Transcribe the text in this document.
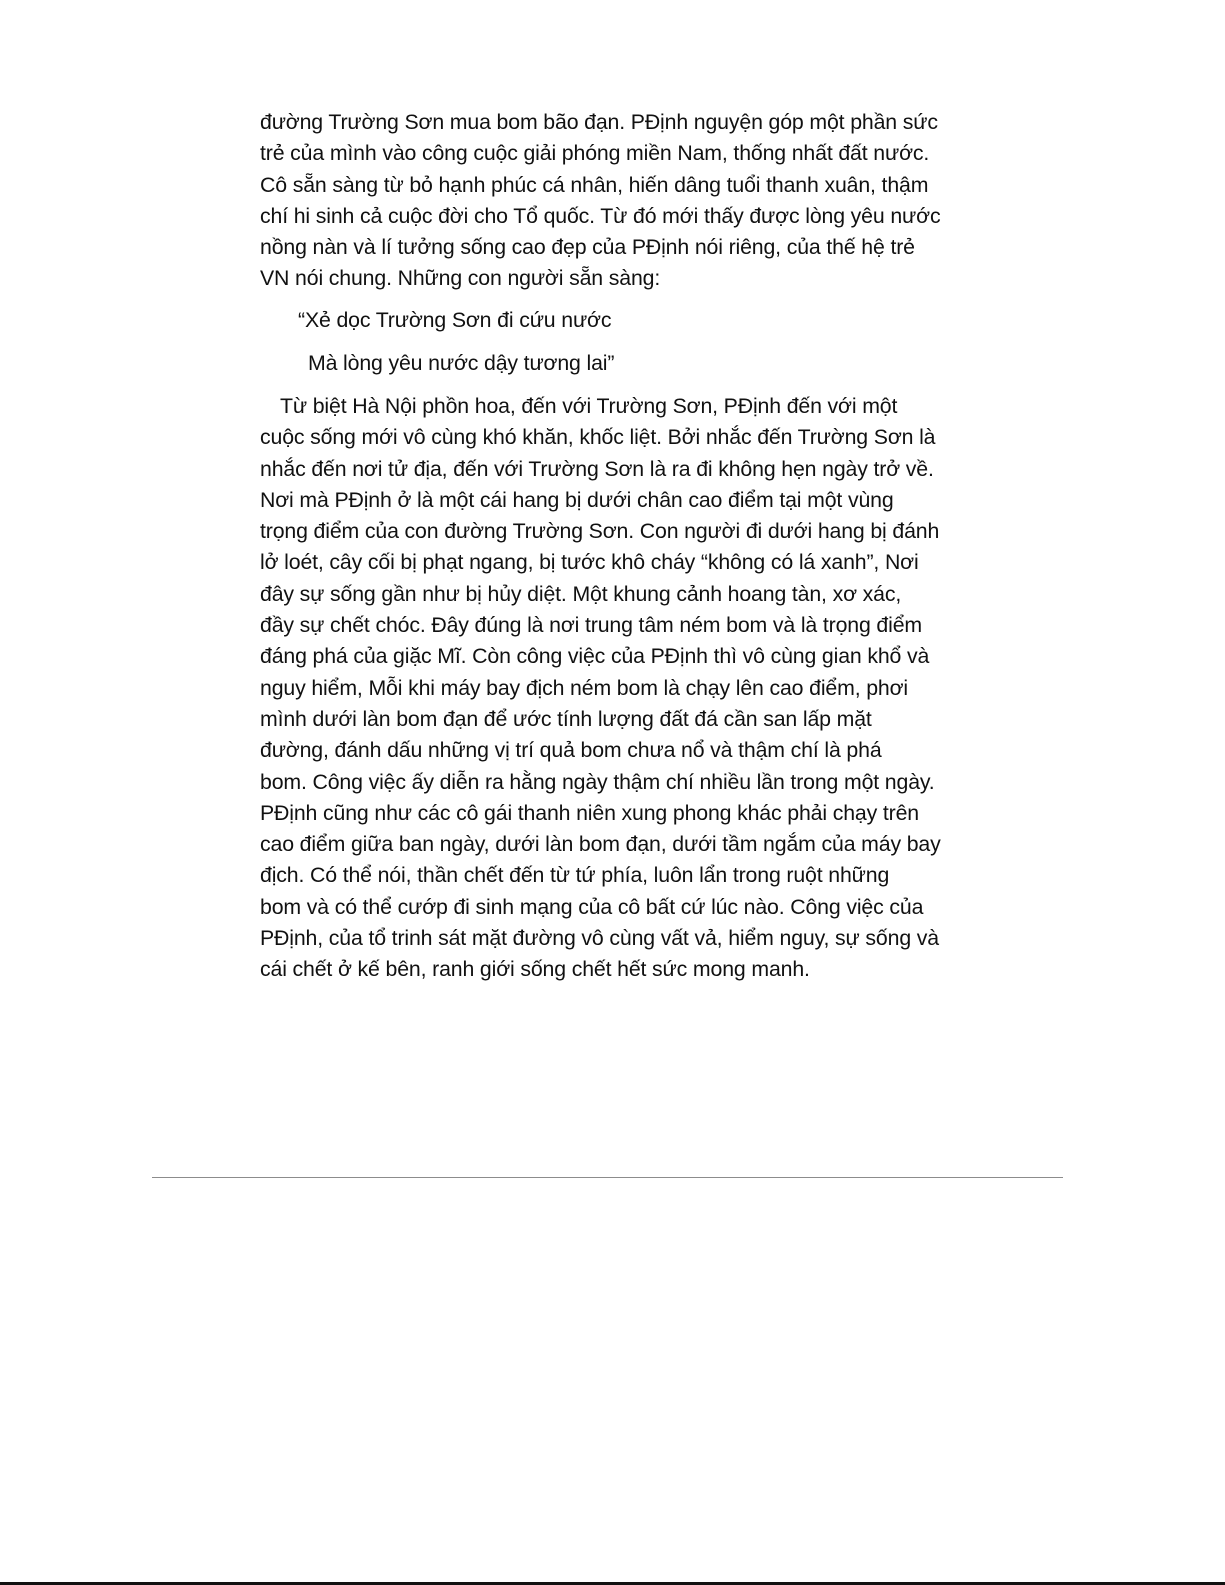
đường Trường Sơn mua bom bão đạn. PĐịnh nguyện góp một phần sức
trẻ của mình vào công cuộc giải phóng miền Nam, thống nhất đất nước.
Cô sẵn sàng từ bỏ hạnh phúc cá nhân, hiến dâng tuổi thanh xuân, thậm
chí hi sinh cả cuộc đời cho Tổ quốc. Từ đó mới thấy được lòng yêu nước
nồng nàn và lí tưởng sống cao đẹp của PĐịnh nói riêng, của thế hệ trẻ
VN nói chung. Những con người sẵn sàng:
“Xẻ dọc Trường Sơn đi cứu nước
Mà lòng yêu nước dậy tương lai”
Từ biệt Hà Nội phồn hoa, đến với Trường Sơn, PĐịnh đến với một
cuộc sống mới vô cùng khó khăn, khốc liệt. Bởi nhắc đến Trường Sơn là
nhắc đến nơi tử địa, đến với Trường Sơn là ra đi không hẹn ngày trở về.
Nơi mà PĐịnh ở là một cái hang bị dưới chân cao điểm tại một vùng
trọng điểm của con đường Trường Sơn. Con người đi dưới hang bị đánh
lở loét, cây cối bị phạt ngang, bị tước khô cháy “không có lá xanh”, Nơi
đây sự sống gần như bị hủy diệt. Một khung cảnh hoang tàn, xơ xác,
đầy sự chết chóc. Đây đúng là nơi trung tâm ném bom và là trọng điểm
đáng phá của giặc Mĩ. Còn công việc của PĐịnh thì vô cùng gian khổ và
nguy hiểm, Mỗi khi máy bay địch ném bom là chạy lên cao điểm, phơi
mình dưới làn bom đạn để ước tính lượng đất đá cần san lấp mặt
đường, đánh dấu những vị trí quả bom chưa nổ và thậm chí là phá
bom. Công việc ấy diễn ra hằng ngày thậm chí nhiều lần trong một ngày.
PĐịnh cũng như các cô gái thanh niên xung phong khác phải chạy trên
cao điểm giữa ban ngày, dưới làn bom đạn, dưới tầm ngắm của máy bay
địch. Có thể nói, thần chết đến từ tứ phía, luôn lẩn trong ruột những
bom và có thể cướp đi sinh mạng của cô bất cứ lúc nào. Công việc của
PĐịnh, của tổ trinh sát mặt đường vô cùng vất vả, hiểm nguy, sự sống và
cái chết ở kế bên, ranh giới sống chết hết sức mong manh.
